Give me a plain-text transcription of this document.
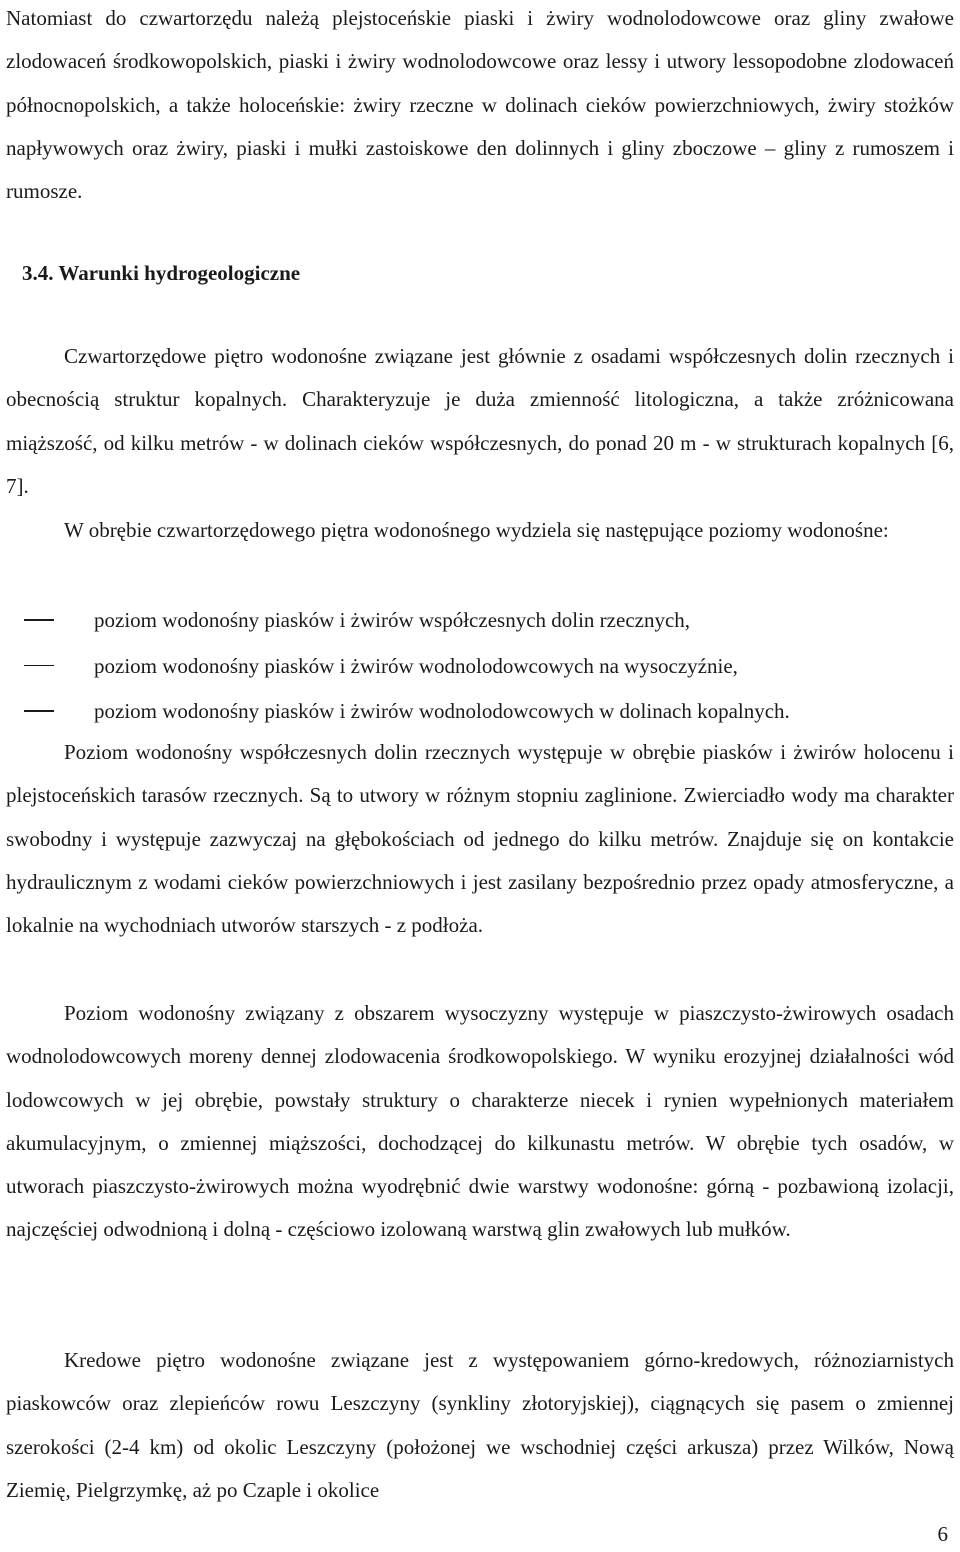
Natomiast do czwartorzędu należą plejstoceńskie piaski i żwiry wodnolodowcowe oraz gliny zwałowe zlodowaceń środkowopolskich, piaski i żwiry wodnolodowcowe oraz lessy i utwory lessopodobne zlodowaceń północnopolskich, a także holoceńskie: żwiry rzeczne w dolinach cieków powierzchniowych, żwiry stożków napływowych oraz żwiry, piaski i mułki zastoiskowe den dolinnych i gliny zboczowe – gliny z rumoszem i rumosze.

3.4. Warunki hydrogeologiczne

Czwartorzędowe piętro wodonośne związane jest głównie z osadami współczesnych dolin rzecznych i obecnością struktur kopalnych. Charakteryzuje je duża zmienność litologiczna, a także zróżnicowana miąższość, od kilku metrów - w dolinach cieków współczesnych, do ponad 20 m - w strukturach kopalnych [6, 7].

W obrębie czwartorzędowego piętra wodonośnego wydziela się następujące poziomy wodonośne:

poziom wodonośny piasków i żwirów współczesnych dolin rzecznych,
poziom wodonośny piasków i żwirów wodnolodowcowych na wysoczyźnie,
poziom wodonośny piasków i żwirów wodnolodowcowych w dolinach kopalnych.

Poziom wodonośny współczesnych dolin rzecznych występuje w obrębie piasków i żwirów holocenu i plejstoceńskich tarasów rzecznych. Są to utwory w różnym stopniu zaglinione. Zwierciadło wody ma charakter swobodny i występuje zazwyczaj na głębokościach od jednego do kilku metrów. Znajduje się on kontakcie hydraulicznym z wodami cieków powierzchniowych i jest zasilany bezpośrednio przez opady atmosferyczne, a lokalnie na wychodniach utworów starszych - z podłoża.

Poziom wodonośny związany z obszarem wysoczyzny występuje w piaszczysto-żwirowych osadach wodnolodowcowych moreny dennej zlodowacenia środkowopolskiego. W wyniku erozyjnej działalności wód lodowcowych w jej obrębie, powstały struktury o charakterze niecek i rynien wypełnionych materiałem akumulacyjnym, o zmiennej miąższości, dochodzącej do kilkunastu metrów. W obrębie tych osadów, w utworach piaszczysto-żwirowych można wyodrębnić dwie warstwy wodonośne: górną - pozbawioną izolacji, najczęściej odwodnioną i dolną - częściowo izolowaną warstwą glin zwałowych lub mułków.

Kredowe piętro wodonośne związane jest z występowaniem górno-kredowych, różnoziarnistych piaskowców oraz zlepieńców rowu Leszczyny (synkliny złotoryjskiej), ciągnących się pasem o zmiennej szerokości (2-4 km) od okolic Leszczyny (położonej we wschodniej części arkusza) przez Wilków, Nową Ziemię, Pielgrzymkę, aż po Czaple i okolice

6
